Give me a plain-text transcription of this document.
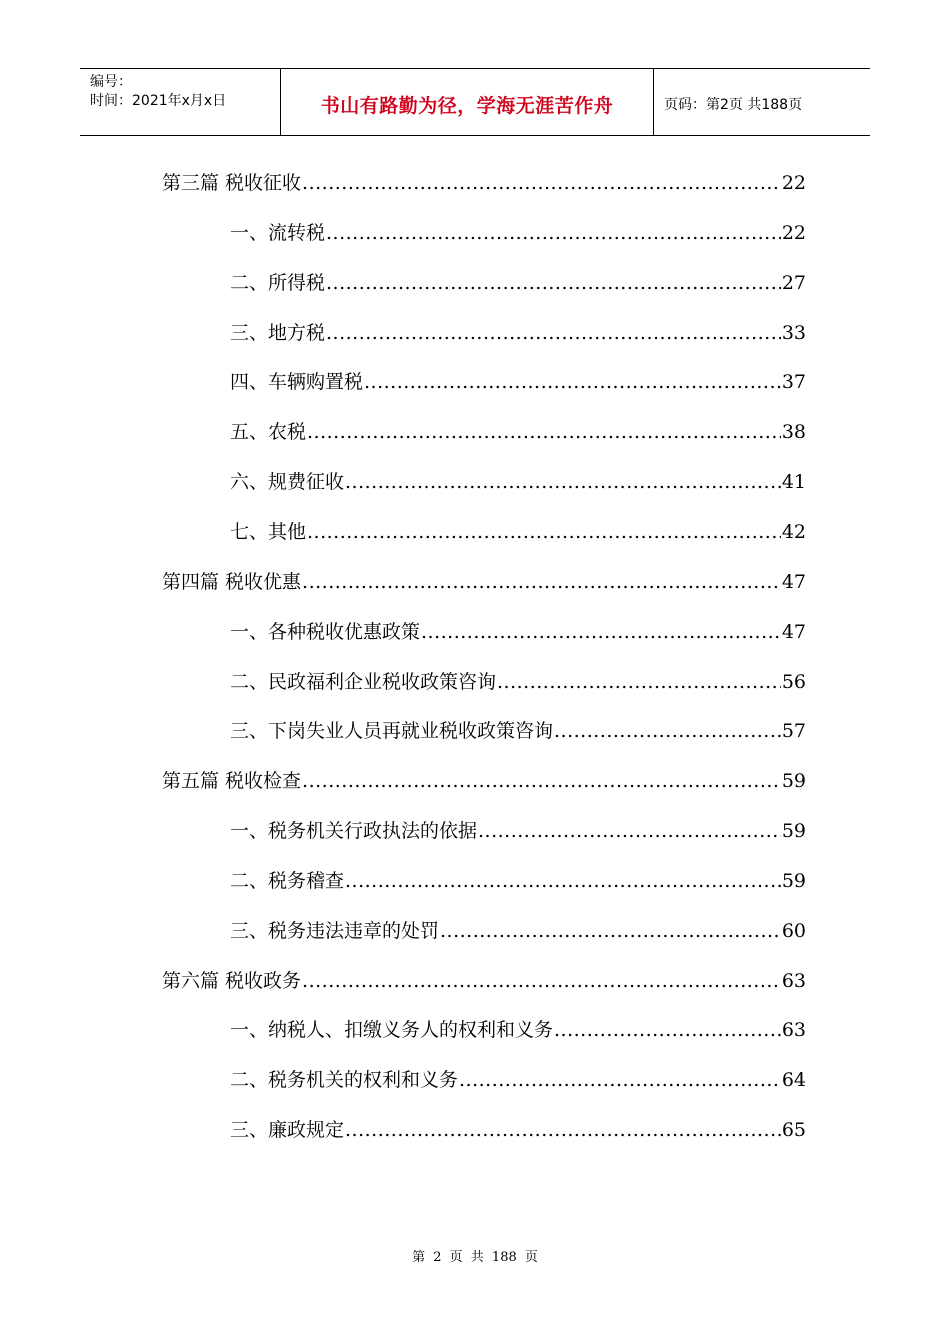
编号：
时间：2021年x月x日	书山有路勤为径，学海无涯苦作舟	页码：第2页 共188页
第三篇 税收征收 .....	22
一、流转税 .....	22
二、所得税 .....	27
三、地方税 .....	33
四、车辆购置税 .....	37
五、农税 .....	38
六、规费征收 .....	41
七、其他 .....	42
第四篇 税收优惠 .....	47
一、各种税收优惠政策 .....	47
二、民政福利企业税收政策咨询 .....	56
三、下岗失业人员再就业税收政策咨询 .....	57
第五篇 税收检查 .....	59
一、税务机关行政执法的依据 .....	59
二、税务稽查 .....	59
三、税务违法违章的处罚 .....	60
第六篇 税收政务 .....	63
一、纳税人、扣缴义务人的权利和义务 .....	63
二、税务机关的权利和义务 .....	64
三、廉政规定 .....	65
第 2 页 共 188 页
